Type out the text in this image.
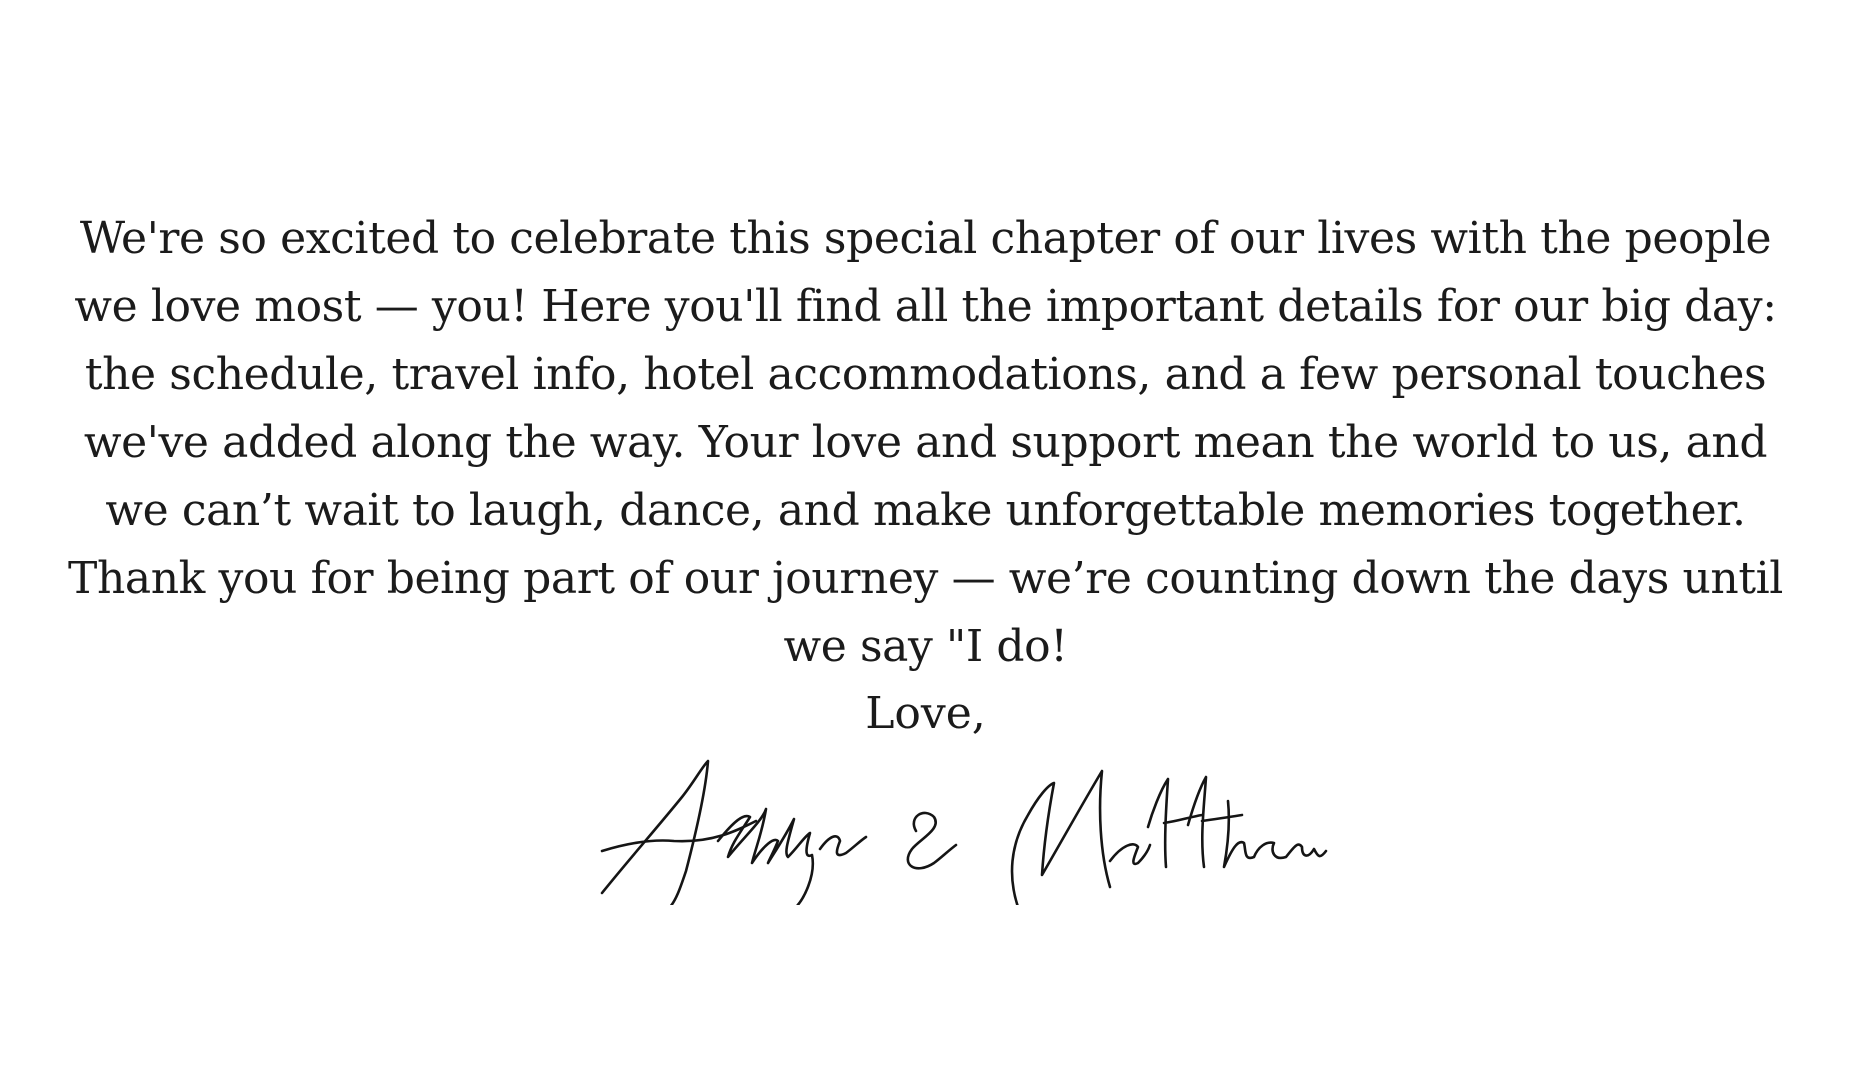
We're so excited to celebrate this special chapter of our lives with the people we love most — you! Here you'll find all the important details for our big day: the schedule, travel info, hotel accommodations, and a few personal touches we've added along the way. Your love and support mean the world to us, and we can’t wait to laugh, dance, and make unforgettable memories together. Thank you for being part of our journey — we’re counting down the days until we say "I do!

Love,
